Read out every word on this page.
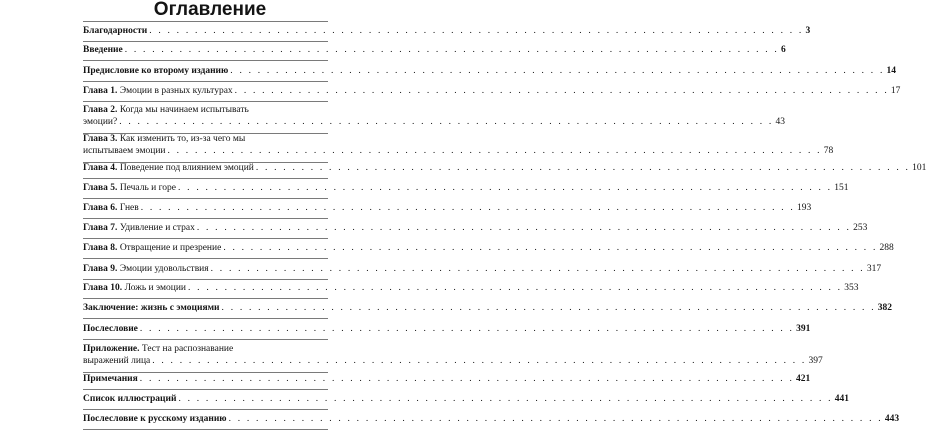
Оглавление
Благодарности . . .	3
Введение . . .	6
Предисловие ко второму изданию . . .	14
Глава 1. Эмоции в разных культурах . . .	17
Глава 2. Когда мы начинаем испытывать
эмоции? . . .	43
Глава 3. Как изменить то, из-за чего мы
испытываем эмоции . . .	78
Глава 4. Поведение под влиянием эмоций . . .	101
Глава 5. Печаль и горе . . .	151
Глава 6. Гнев . . .	193
Глава 7. Удивление и страх . . .	253
Глава 8. Отвращение и презрение . . .	288
Глава 9. Эмоции удовольствия . . .	317
Глава 10. Ложь и эмоции . . .	353
Заключение: жизнь с эмоциями . . .	382
Послесловие . . .	391
Приложение. Тест на распознавание
выражений лица . . .	397
Примечания . . .	421
Список иллюстраций . . .	441
Послесловие к русскому изданию . . .	443
